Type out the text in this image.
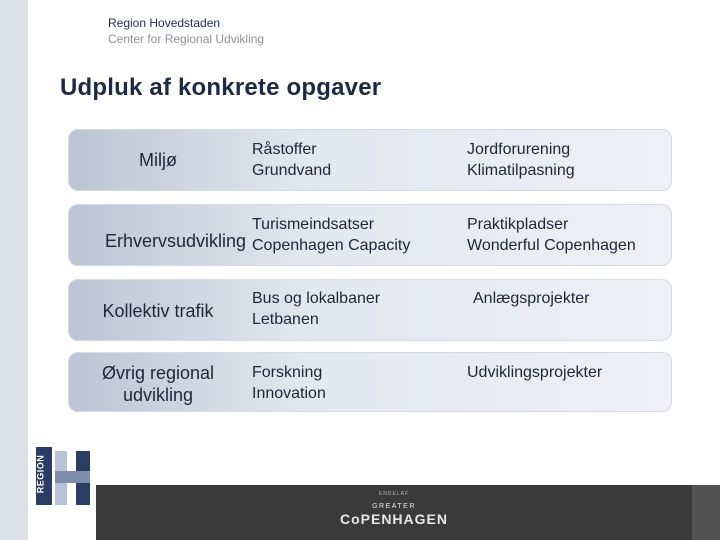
Region Hovedstaden
Center for Regional Udvikling
Udpluk af konkrete opgaver
Miljø
Råstoffer
Grundvand
Jordforurening
Klimatilpasning
Erhvervsudvikling
Turismeindsatser
Copenhagen Capacity
Praktikpladser
Wonderful Copenhagen
Kollektiv trafik
Bus og lokalbaner
Letbanen
Anlægsprojekter
Øvrig regional
udvikling
Forskning
Innovation
Udviklingsprojekter
REGION
ENDELAF
GREATER
CoPENHAGEN
